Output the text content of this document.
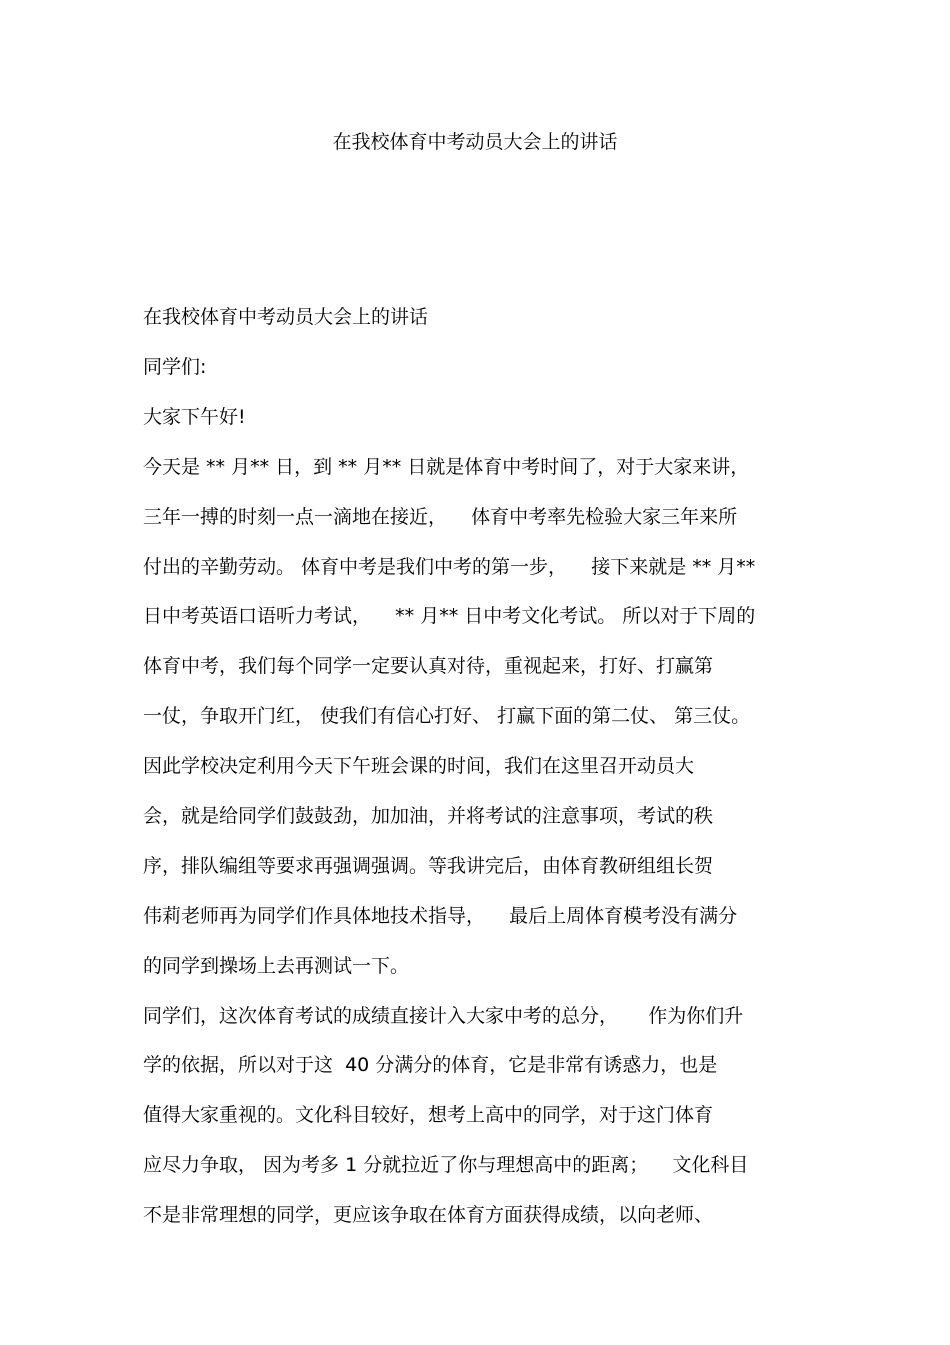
在我校体育中考动员大会上的讲话
在我校体育中考动员大会上的讲话
同学们:
大家下午好!
今天是 ** 月** 日，到 ** 月** 日就是体育中考时间了，对于大家来讲，
三年一搏的时刻一点一滴地在接近，    体育中考率先检验大家三年来所
付出的辛勤劳动。 体育中考是我们中考的第一步，    接下来就是 ** 月**
日中考英语口语听力考试，    ** 月** 日中考文化考试。 所以对于下周的
体育中考，我们每个同学一定要认真对待，重视起来，打好、打赢第
一仗，争取开门红， 使我们有信心打好、 打赢下面的第二仗、 第三仗。
因此学校决定利用今天下午班会课的时间，我们在这里召开动员大
会，就是给同学们鼓鼓劲，加加油，并将考试的注意事项，考试的秩
序，排队编组等要求再强调强调。等我讲完后，由体育教研组组长贺
伟莉老师再为同学们作具体地技术指导，    最后上周体育模考没有满分
的同学到操场上去再测试一下。
同学们，这次体育考试的成绩直接计入大家中考的总分，     作为你们升
学的依据，所以对于这  40 分满分的体育，它是非常有诱惑力，也是
值得大家重视的。文化科目较好，想考上高中的同学，对于这门体育
应尽力争取， 因为考多 1 分就拉近了你与理想高中的距离；    文化科目
不是非常理想的同学，更应该争取在体育方面获得成绩，以向老师、
